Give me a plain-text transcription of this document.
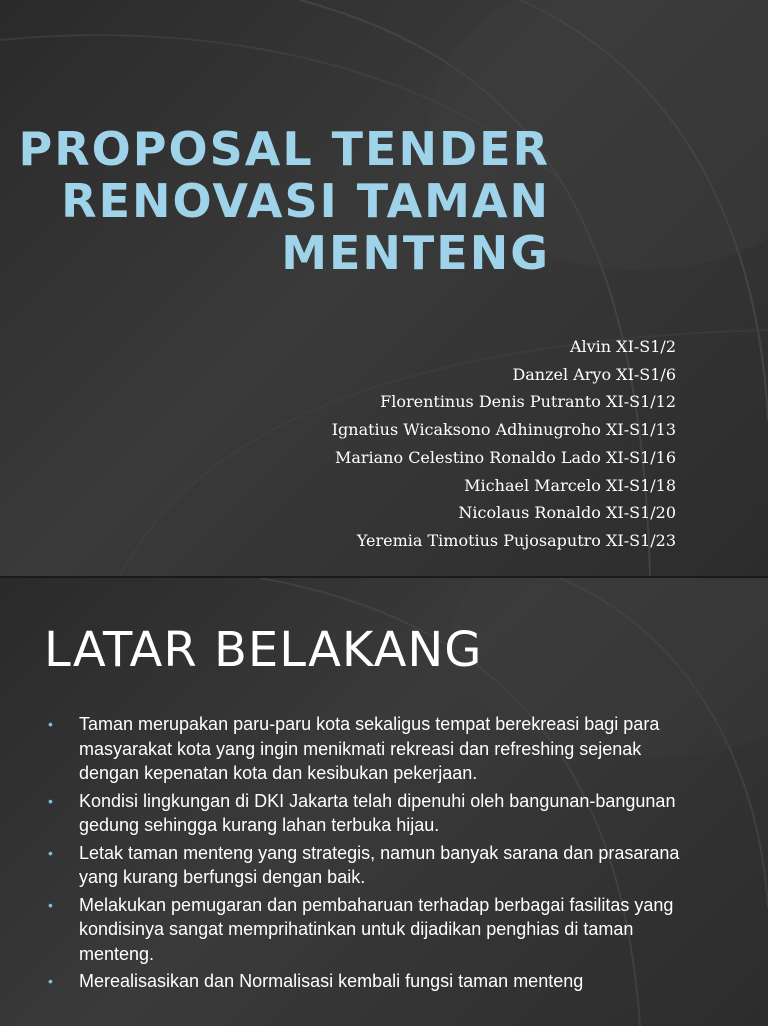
PROPOSAL TENDER
RENOVASI TAMAN
MENTENG
Alvin XI-S1/2
Danzel Aryo XI-S1/6
Florentinus Denis Putranto XI-S1/12
Ignatius Wicaksono Adhinugroho XI-S1/13
Mariano Celestino Ronaldo Lado XI-S1/16
Michael Marcelo XI-S1/18
Nicolaus Ronaldo XI-S1/20
Yeremia Timotius Pujosaputro XI-S1/23
LATAR BELAKANG
• Taman merupakan paru-paru kota sekaligus tempat berekreasi bagi para masyarakat kota yang ingin menikmati rekreasi dan refreshing sejenak dengan kepenatan kota dan kesibukan pekerjaan.
• Kondisi lingkungan di DKI Jakarta telah dipenuhi oleh bangunan-bangunan gedung sehingga kurang lahan terbuka hijau.
• Letak taman menteng yang strategis, namun banyak sarana dan prasarana yang kurang berfungsi dengan baik.
• Melakukan pemugaran dan pembaharuan terhadap berbagai fasilitas yang kondisinya sangat memprihatinkan untuk dijadikan penghias di taman menteng.
• Merealisasikan dan Normalisasi kembali fungsi taman menteng
